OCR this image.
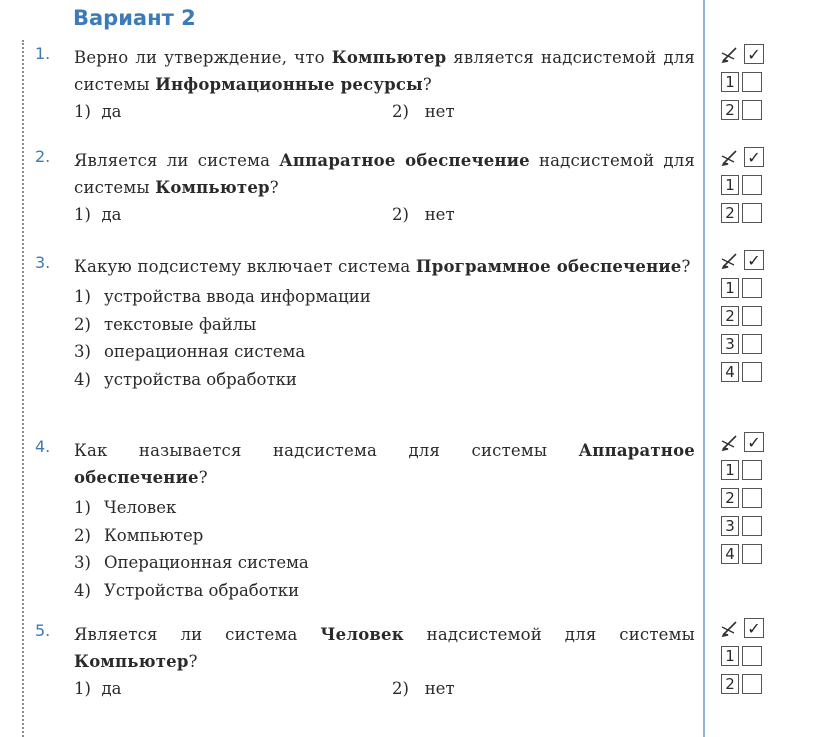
Вариант 2
1. Верно ли утверждение, что Компьютер является надсистемой для системы Информационные ресурсы?
1) да	2) нет
2. Является ли система Аппаратное обеспечение надсистемой для системы Компьютер?
1) да	2) нет
3. Какую подсистему включает система Программное обеспечение?
1) устройства ввода информации
2) текстовые файлы
3) операционная система
4) устройства обработки
4. Как называется надсистема для системы Аппаратное обеспечение?
1) Человек
2) Компьютер
3) Операционная система
4) Устройства обработки
5. Является ли система Человек надсистемой для системы Компьютер?
1) да	2) нет
✓
1
2
✓
1
2
✓
1
2
3
4
✓
1
2
3
4
✓
1
2
